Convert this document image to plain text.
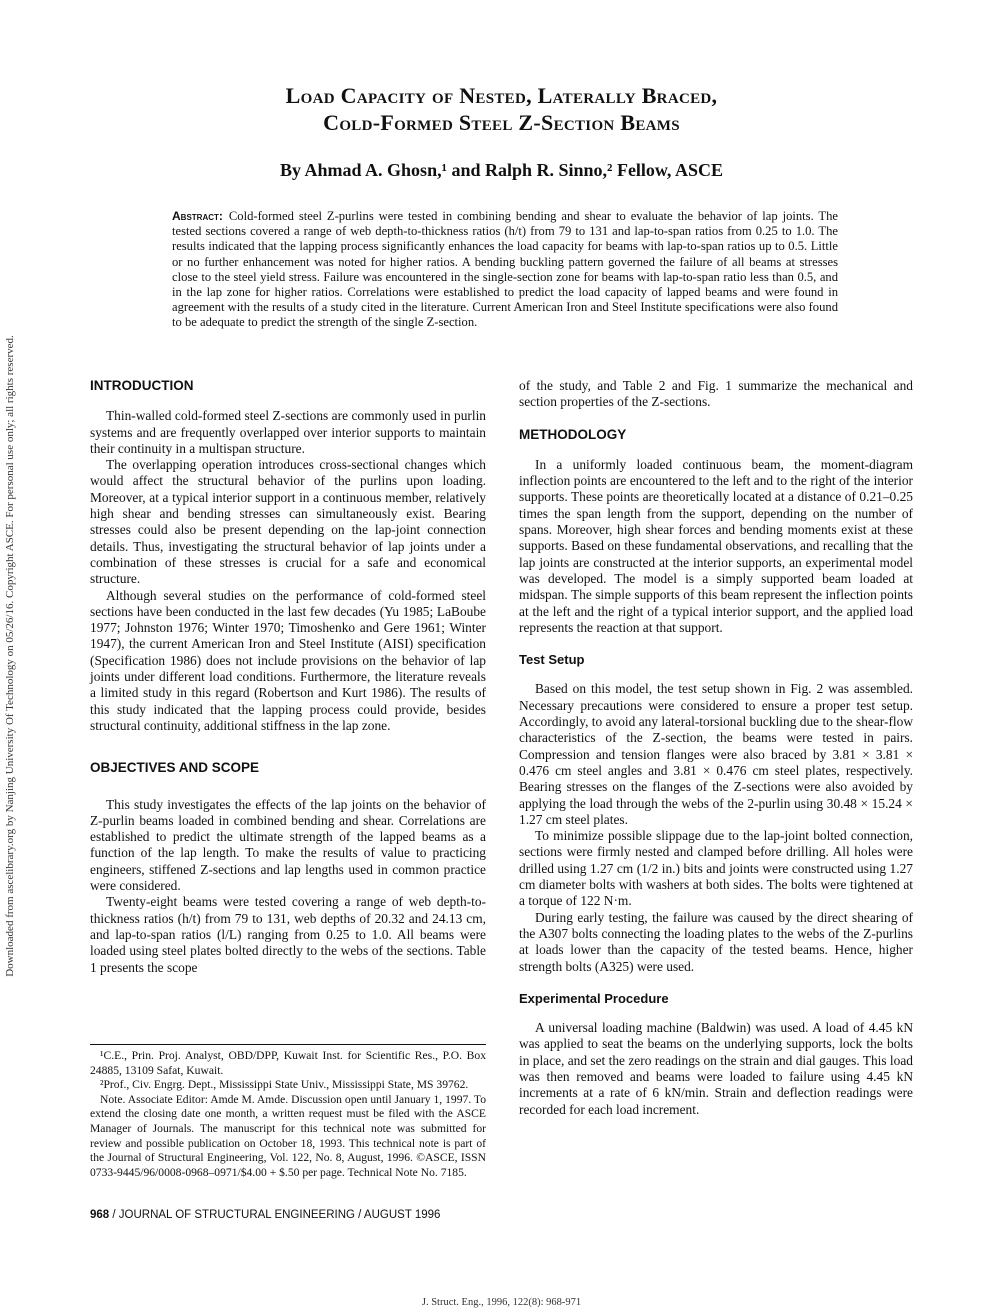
Downloaded from ascelibrary.org by Nanjing University Of Technology on 05/26/16. Copyright ASCE. For personal use only; all rights reserved.
Load Capacity of Nested, Laterally Braced,
Cold-Formed Steel Z-Section Beams
By Ahmad A. Ghosn,¹ and Ralph R. Sinno,² Fellow, ASCE
Abstract: Cold-formed steel Z-purlins were tested in combining bending and shear to evaluate the behavior of lap joints. The tested sections covered a range of web depth-to-thickness ratios (h/t) from 79 to 131 and lap-to-span ratios from 0.25 to 1.0. The results indicated that the lapping process significantly enhances the load capacity for beams with lap-to-span ratios up to 0.5. Little or no further enhancement was noted for higher ratios. A bending buckling pattern governed the failure of all beams at stresses close to the steel yield stress. Failure was encountered in the single-section zone for beams with lap-to-span ratio less than 0.5, and in the lap zone for higher ratios. Correlations were established to predict the load capacity of lapped beams and were found in agreement with the results of a study cited in the literature. Current American Iron and Steel Institute specifications were also found to be adequate to predict the strength of the single Z-section.
INTRODUCTION

Thin-walled cold-formed steel Z-sections are commonly used in purlin systems and are frequently overlapped over interior supports to maintain their continuity in a multispan structure.

The overlapping operation introduces cross-sectional changes which would affect the structural behavior of the purlins upon loading. Moreover, at a typical interior support in a continuous member, relatively high shear and bending stresses can simultaneously exist. Bearing stresses could also be present depending on the lap-joint connection details. Thus, investigating the structural behavior of lap joints under a combination of these stresses is crucial for a safe and economical structure.

Although several studies on the performance of cold-formed steel sections have been conducted in the last few decades (Yu 1985; LaBoube 1977; Johnston 1976; Winter 1970; Timoshenko and Gere 1961; Winter 1947), the current American Iron and Steel Institute (AISI) specification (Specification 1986) does not include provisions on the behavior of lap joints under different load conditions. Furthermore, the literature reveals a limited study in this regard (Robertson and Kurt 1986). The results of this study indicated that the lapping process could provide, besides structural continuity, additional stiffness in the lap zone.

OBJECTIVES AND SCOPE

This study investigates the effects of the lap joints on the behavior of Z-purlin beams loaded in combined bending and shear. Correlations are established to predict the ultimate strength of the lapped beams as a function of the lap length. To make the results of value to practicing engineers, stiffened Z-sections and lap lengths used in common practice were considered.

Twenty-eight beams were tested covering a range of web depth-to-thickness ratios (h/t) from 79 to 131, web depths of 20.32 and 24.13 cm, and lap-to-span ratios (l/L) ranging from 0.25 to 1.0. All beams were loaded using steel plates bolted directly to the webs of the sections. Table 1 presents the scope

of the study, and Table 2 and Fig. 1 summarize the mechanical and section properties of the Z-sections.

METHODOLOGY

In a uniformly loaded continuous beam, the moment-diagram inflection points are encountered to the left and to the right of the interior supports. These points are theoretically located at a distance of 0.21–0.25 times the span length from the support, depending on the number of spans. Moreover, high shear forces and bending moments exist at these supports. Based on these fundamental observations, and recalling that the lap joints are constructed at the interior supports, an experimental model was developed. The model is a simply supported beam loaded at midspan. The simple supports of this beam represent the inflection points at the left and the right of a typical interior support, and the applied load represents the reaction at that support.

Test Setup

Based on this model, the test setup shown in Fig. 2 was assembled. Necessary precautions were considered to ensure a proper test setup. Accordingly, to avoid any lateral-torsional buckling due to the shear-flow characteristics of the Z-section, the beams were tested in pairs. Compression and tension flanges were also braced by 3.81 × 3.81 × 0.476 cm steel angles and 3.81 × 0.476 cm steel plates, respectively. Bearing stresses on the flanges of the Z-sections were also avoided by applying the load through the webs of the 2-purlin using 30.48 × 15.24 × 1.27 cm steel plates.

To minimize possible slippage due to the lap-joint bolted connection, sections were firmly nested and clamped before drilling. All holes were drilled using 1.27 cm (1/2 in.) bits and joints were constructed using 1.27 cm diameter bolts with washers at both sides. The bolts were tightened at a torque of 122 N·m.

During early testing, the failure was caused by the direct shearing of the A307 bolts connecting the loading plates to the webs of the Z-purlins at loads lower than the capacity of the tested beams. Hence, higher strength bolts (A325) were used.

Experimental Procedure

A universal loading machine (Baldwin) was used. A load of 4.45 kN was applied to seat the beams on the underlying supports, lock the bolts in place, and set the zero readings on the strain and dial gauges. This load was then removed and beams were loaded to failure using 4.45 kN increments at a rate of 6 kN/min. Strain and deflection readings were recorded for each load increment.

¹C.E., Prin. Proj. Analyst, OBD/DPP, Kuwait Inst. for Scientific Res., P.O. Box 24885, 13109 Safat, Kuwait.

²Prof., Civ. Engrg. Dept., Mississippi State Univ., Mississippi State, MS 39762.

Note. Associate Editor: Amde M. Amde. Discussion open until January 1, 1997. To extend the closing date one month, a written request must be filed with the ASCE Manager of Journals. The manuscript for this technical note was submitted for review and possible publication on October 18, 1993. This technical note is part of the Journal of Structural Engineering, Vol. 122, No. 8, August, 1996. ©ASCE, ISSN 0733-9445/96/0008-0968–0971/$4.00 + $.50 per page. Technical Note No. 7185.

968 / JOURNAL OF STRUCTURAL ENGINEERING / AUGUST 1996
J. Struct. Eng., 1996, 122(8): 968-971
